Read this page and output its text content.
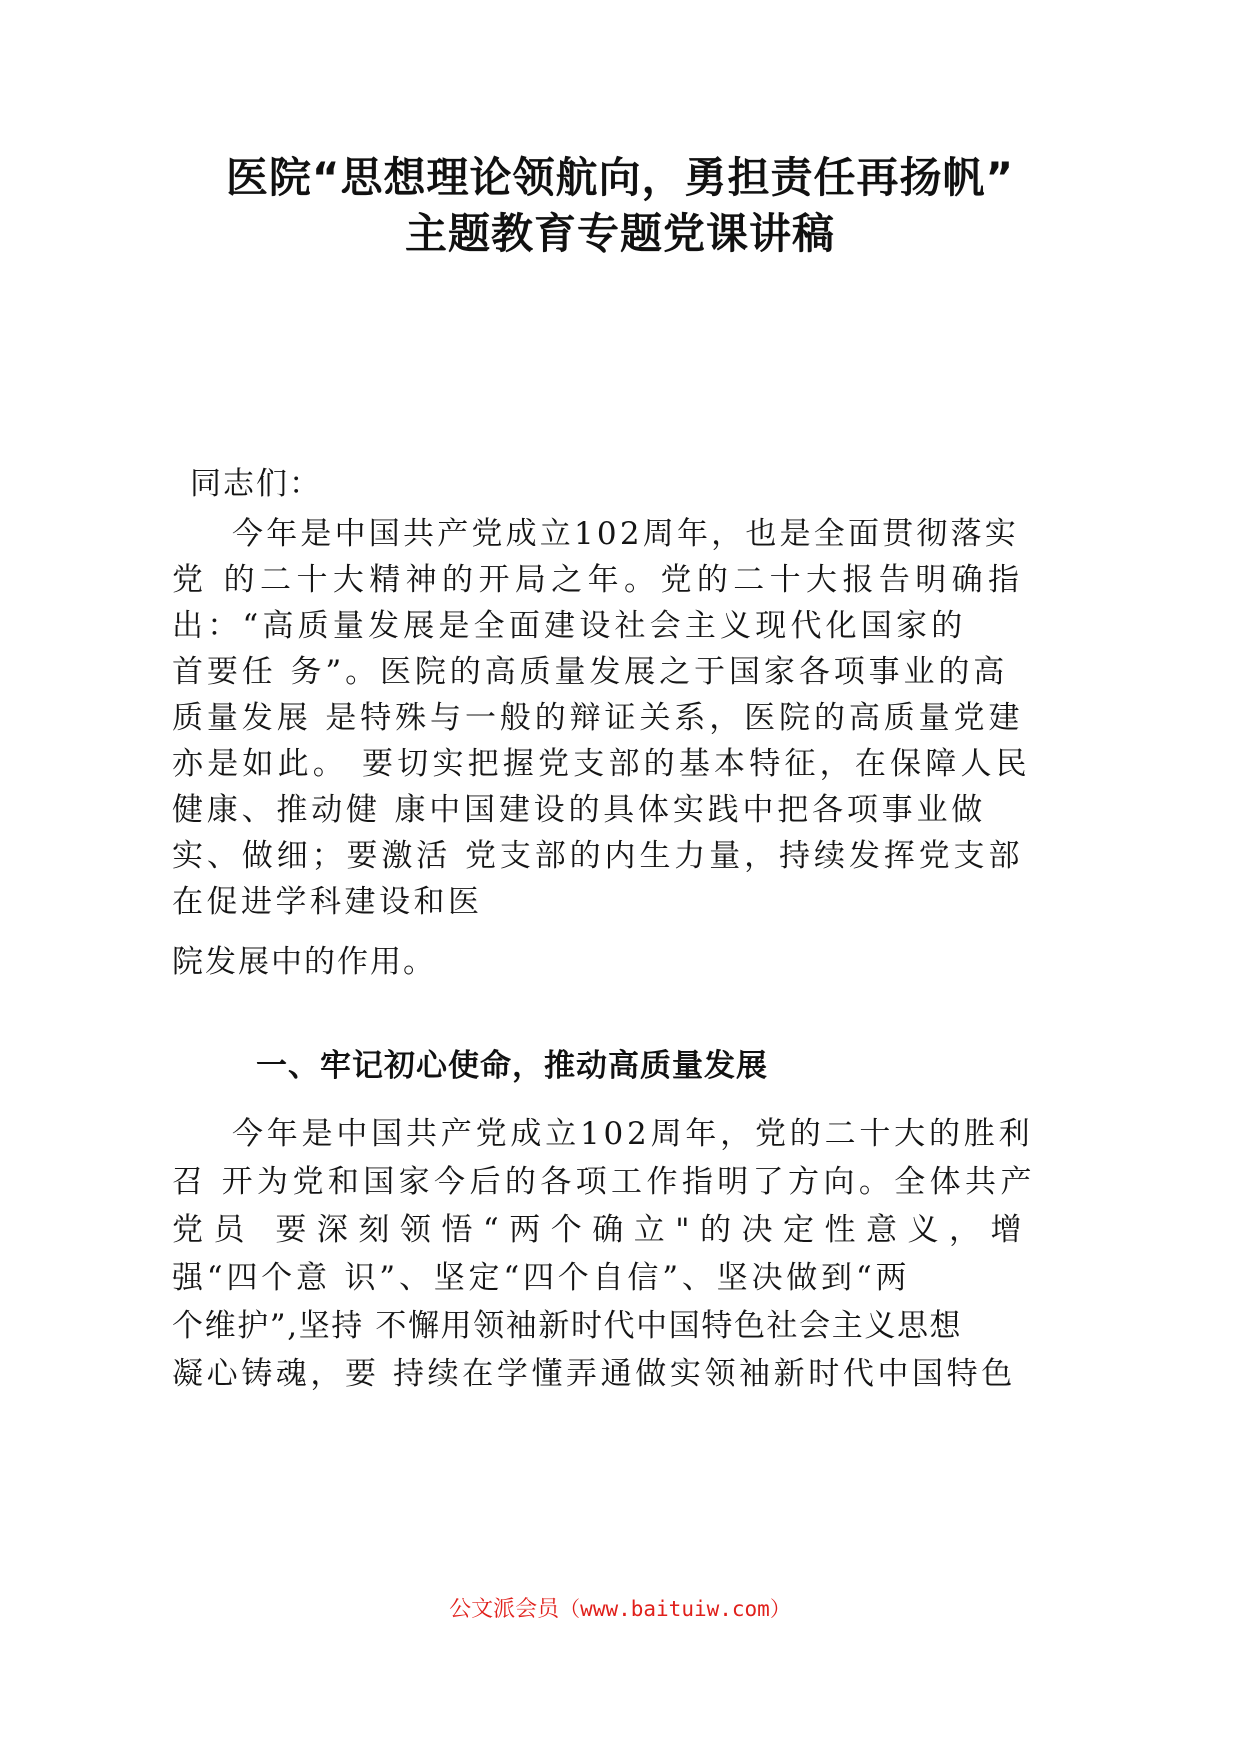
医院“思想理论领航向，勇担责任再扬帆”
主题教育专题党课讲稿
同志们：
今年是中国共产党成立102周年，也是全面贯彻落实
党 的二十大精神的开局之年。党的二十大报告明确指
出：“高质量发展是全面建设社会主义现代化国家的
首要任 务”。医院的高质量发展之于国家各项事业的高
质量发展 是特殊与一般的辩证关系，医院的高质量党建
亦是如此。 要切实把握党支部的基本特征，在保障人民
健康、推动健 康中国建设的具体实践中把各项事业做
实、做细；要激活 党支部的内生力量，持续发挥党支部
在促进学科建设和医
院发展中的作用。
一、牢记初心使命，推动高质量发展
今年是中国共产党成立102周年，党的二十大的胜利
召 开为党和国家今后的各项工作指明了方向。全体共产
党员 要深刻领悟“两个确立"的决定性意义，增
强“四个意 识”、坚定“四个自信”、坚决做到“两
个维护”,坚持 不懈用领袖新时代中国特色社会主义思想
凝心铸魂，要 持续在学懂弄通做实领袖新时代中国特色
公文派会员（www.baituiw.com）
